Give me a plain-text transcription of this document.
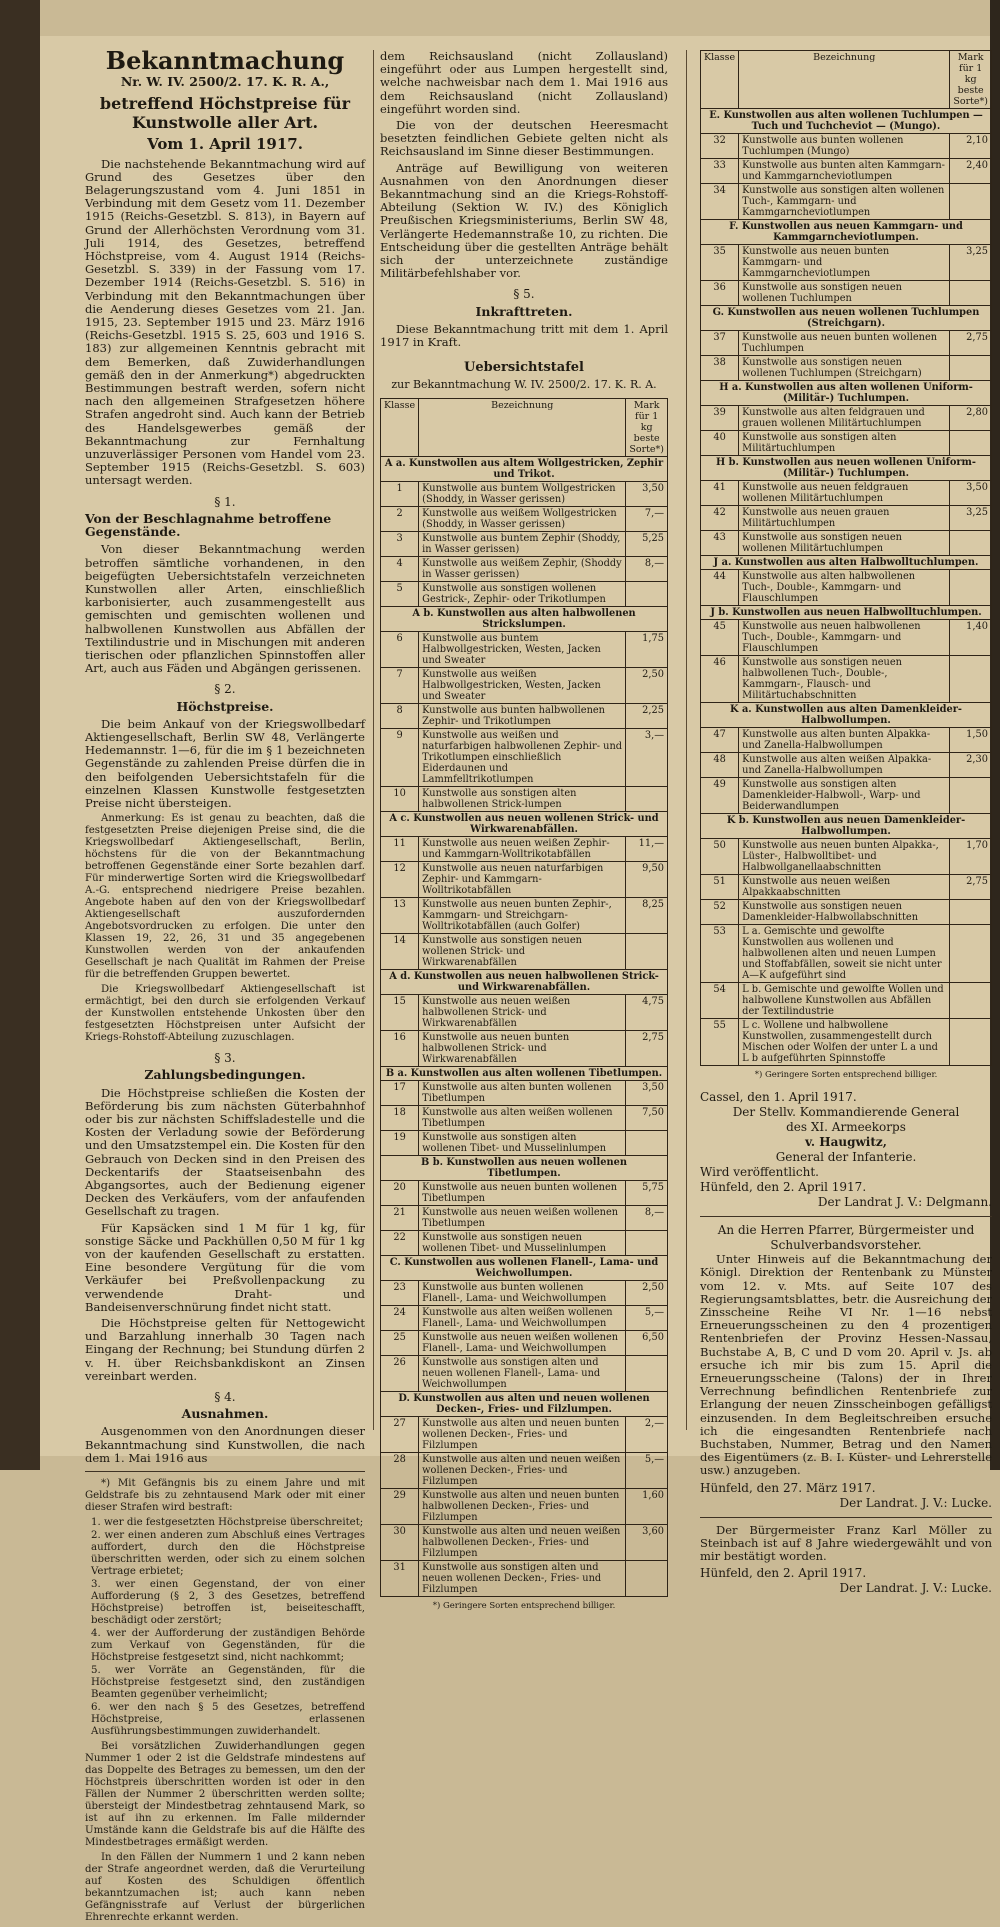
Bekanntmachung
Nr. W. IV. 2500/2. 17. K. R. A.,
betreffend Höchstpreise für Kunstwolle aller Art.
Vom 1. April 1917.

Die nachstehende Bekanntmachung wird auf Grund des Gesetzes über den Belagerungszustand vom 4. Juni 1851 in Verbindung mit dem Gesetz vom 11. Dezember 1915 (Reichs-Gesetzbl. S. 813), in Bayern auf Grund der Allerhöchsten Verordnung vom 31. Juli 1914, des Gesetzes, betreffend Höchstpreise, vom 4. August 1914 (Reichs-Gesetzbl. S. 339) in der Fassung vom 17. Dezember 1914 (Reichs-Gesetzbl. S. 516) in Verbindung mit den Bekanntmachungen über die Aenderung dieses Gesetzes vom 21. Jan. 1915, 23. September 1915 und 23. März 1916 (Reichs-Gesetzbl. 1915 S. 25, 603 und 1916 S. 183) zur allgemeinen Kenntnis gebracht mit dem Bemerken, daß Zuwiderhandlungen gemäß den in der Anmerkung*) abgedruckten Bestimmungen bestraft werden, sofern nicht nach den allgemeinen Strafgesetzen höhere Strafen angedroht sind. Auch kann der Betrieb des Handelsgewerbes gemäß der Bekanntmachung zur Fernhaltung unzuverlässiger Personen vom Handel vom 23. September 1915 (Reichs-Gesetzbl. S. 603) untersagt werden.

§ 1.
Von der Beschlagnahme betroffene Gegenstände.

Von dieser Bekanntmachung werden betroffen sämtliche vorhandenen, in den beigefügten Uebersichtstafeln verzeichneten Kunstwollen aller Arten, einschließlich karbonisierter, auch zusammengestellt aus gemischten und gemischten wollenen und halbwollenen Kunstwollen aus Abfällen der Textilindustrie und in Mischungen mit anderen tierischen oder pflanzlichen Spinnstoffen aller Art, auch aus Fäden und Abgängen gerissenen.

§ 2.
Höchstpreise.

Die beim Ankauf von der Kriegswollbedarf Aktiengesellschaft, Berlin SW 48, Verlängerte Hedemannstr. 1—6, für die im § 1 bezeichneten Gegenstände zu zahlenden Preise dürfen die in den beifolgenden Uebersichtstafeln für die einzelnen Klassen Kunstwolle festgesetzten Preise nicht übersteigen.

Anmerkung: Es ist genau zu beachten, daß die festgesetzten Preise diejenigen Preise sind, die die Kriegswollbedarf Aktiengesellschaft, Berlin, höchstens für die von der Bekanntmachung betroffenen Gegenstände einer Sorte bezahlen darf. Für minderwertige Sorten wird die Kriegswollbedarf A.-G. entsprechend niedrigere Preise bezahlen. Angebote haben auf den von der Kriegswollbedarf Aktiengesellschaft auszufordernden Angebotsvordrucken zu erfolgen. Die unter den Klassen 19, 22, 26, 31 und 35 angegebenen Kunstwollen werden von der ankaufenden Gesellschaft je nach Qualität im Rahmen der Preise für die betreffenden Gruppen bewertet.

Die Kriegswollbedarf Aktiengesellschaft ist ermächtigt, bei den durch sie erfolgenden Verkauf der Kunstwollen entstehende Unkosten über den festgesetzten Höchstpreisen unter Aufsicht der Kriegs-Rohstoff-Abteilung zuzuschlagen.

§ 3.
Zahlungsbedingungen.

Die Höchstpreise schließen die Kosten der Beförderung bis zum nächsten Güterbahnhof oder bis zur nächsten Schiffsladestelle und die Kosten der Verladung sowie der Beförderung und den Umsatzstempel ein. Die Kosten für den Gebrauch von Decken sind in den Preisen des Deckentarifs der Staatseisenbahn des Abgangsortes, auch der Bedienung eigener Decken des Verkäufers, vom der anfaufenden Gesellschaft zu tragen.

Für Kapsäcken sind 1 M für 1 kg, für sonstige Säcke und Packhüllen 0,50 M für 1 kg von der kaufenden Gesellschaft zu erstatten. Eine besondere Vergütung für die vom Verkäufer bei Preßvollenpackung zu verwendende Draht- und Bandeisenverschnürung findet nicht statt.

Die Höchstpreise gelten für Nettogewicht und Barzahlung innerhalb 30 Tagen nach Eingang der Rechnung; bei Stundung dürfen 2 v. H. über Reichsbankdiskont an Zinsen vereinbart werden.

§ 4.
Ausnahmen.

Ausgenommen von den Anordnungen dieser Bekanntmachung sind Kunstwollen, die nach dem 1. Mai 1916 aus

*) Mit Gefängnis bis zu einem Jahre und mit Geldstrafe bis zu zehntausend Mark oder mit einer dieser Strafen wird bestraft:

1. wer die festgesetzten Höchstpreise überschreitet;
2. wer einen anderen zum Abschluß eines Vertrages auffordert, durch den die Höchstpreise überschritten werden, oder sich zu einem solchen Vertrage erbietet;
3. wer einen Gegenstand, der von einer Aufforderung (§ 2, 3 des Gesetzes, betreffend Höchstpreise) betroffen ist, beiseiteschafft, beschädigt oder zerstört;
4. wer der Aufforderung der zuständigen Behörde zum Verkauf von Gegenständen, für die Höchstpreise festgesetzt sind, nicht nachkommt;
5. wer Vorräte an Gegenständen, für die Höchstpreise festgesetzt sind, den zuständigen Beamten gegenüber verheimlicht;
6. wer den nach § 5 des Gesetzes, betreffend Höchstpreise, erlassenen Ausführungsbestimmungen zuwiderhandelt.

Bei vorsätzlichen Zuwiderhandlungen gegen Nummer 1 oder 2 ist die Geldstrafe mindestens auf das Doppelte des Betrages zu bemessen, um den der Höchstpreis überschritten worden ist oder in den Fällen der Nummer 2 überschritten werden sollte; übersteigt der Mindestbetrag zehntausend Mark, so ist auf ihn zu erkennen. Im Falle mildernder Umstände kann die Geldstrafe bis auf die Hälfte des Mindestbetrages ermäßigt werden.

In den Fällen der Nummern 1 und 2 kann neben der Strafe angeordnet werden, daß die Verurteilung auf Kosten des Schuldigen öffentlich bekanntzumachen ist; auch kann neben Gefängnisstrafe auf Verlust der bürgerlichen Ehrenrechte erkannt werden.

dem Reichsausland (nicht Zollausland) eingeführt oder aus Lumpen hergestellt sind, welche nachweisbar nach dem 1. Mai 1916 aus dem Reichsausland (nicht Zollausland) eingeführt worden sind.

Die von der deutschen Heeresmacht besetzten feindlichen Gebiete gelten nicht als Reichsausland im Sinne dieser Bestimmungen.

Anträge auf Bewilligung von weiteren Ausnahmen von den Anordnungen dieser Bekanntmachung sind an die Kriegs-Rohstoff-Abteilung (Sektion W. IV.) des Königlich Preußischen Kriegsministeriums, Berlin SW 48, Verlängerte Hedemannstraße 10, zu richten. Die Entscheidung über die gestellten Anträge behält sich der unterzeichnete zuständige Militärbefehlshaber vor.

§ 5.
Inkrafttreten.

Diese Bekanntmachung tritt mit dem 1. April 1917 in Kraft.

Uebersichtstafel
zur Bekanntmachung W. IV. 2500/2. 17. K. R. A.
Klasse	Bezeichnung	Mark für 1 kg beste Sorte*)
A a. Kunstwollen aus altem Wollgestricken, Zephir und Trikot.		
1	Kunstwolle aus buntem Wollgestricken (Shoddy, in Wasser gerissen)	3,50
2	Kunstwolle aus weißem Wollgestricken (Shoddy, in Wasser gerissen)	7,—
3	Kunstwolle aus buntem Zephir (Shoddy, in Wasser gerissen)	5,25
4	Kunstwolle aus weißem Zephir, (Shoddy in Wasser gerissen)	8,—
5	Kunstwolle aus sonstigen wollenen Gestrick-, Zephir- oder Trikotlumpen	
A b. Kunstwollen aus alten halbwollenen Strickslumpen.		
6	Kunstwolle aus buntem Halbwollgestricken, Westen, Jacken und Sweater	1,75
7	Kunstwolle aus weißen Halbwollgestricken, Westen, Jacken und Sweater	2,50
8	Kunstwolle aus bunten halbwollenen Zephir- und Trikotlumpen	2,25
9	Kunstwolle aus weißen und naturfarbigen halbwollenen Zephir- und Trikotlumpen einschließlich Eiderdaunen und Lammfelltrikotlumpen	3,—
10	Kunstwolle aus sonstigen alten halbwollenen Strick-lumpen	
A c. Kunstwollen aus neuen wollenen Strick- und Wirkwarenabfällen.		
11	Kunstwolle aus neuen weißen Zephir- und Kammgarn-Wolltrikotabfällen	11,—
12	Kunstwolle aus neuen naturfarbigen Zephir- und Kammgarn-Wolltrikotabfällen	9,50
13	Kunstwolle aus neuen bunten Zephir-, Kammgarn- und Streichgarn-Wolltrikotabfällen (auch Golfer)	8,25
14	Kunstwolle aus sonstigen neuen wollenen Strick- und Wirkwarenabfällen	
A d. Kunstwollen aus neuen halbwollenen Strick- und Wirkwarenabfällen.		
15	Kunstwolle aus neuen weißen halbwollenen Strick- und Wirkwarenabfällen	4,75
16	Kunstwolle aus neuen bunten halbwollenen Strick- und Wirkwarenabfällen	2,75
B a. Kunstwollen aus alten wollenen Tibetlumpen.		
17	Kunstwolle aus alten bunten wollenen Tibetlumpen	3,50
18	Kunstwolle aus alten weißen wollenen Tibetlumpen	7,50
19	Kunstwolle aus sonstigen alten wollenen Tibet- und Musselinlumpen	
B b. Kunstwollen aus neuen wollenen Tibetlumpen.		
20	Kunstwolle aus neuen bunten wollenen Tibetlumpen	5,75
21	Kunstwolle aus neuen weißen wollenen Tibetlumpen	8,—
22	Kunstwolle aus sonstigen neuen wollenen Tibet- und Musselinlumpen	
C. Kunstwollen aus wollenen Flanell-, Lama- und Weichwollumpen.		
23	Kunstwolle aus bunten wollenen Flanell-, Lama- und Weichwollumpen	2,50
24	Kunstwolle aus alten weißen wollenen Flanell-, Lama- und Weichwollumpen	5,—
25	Kunstwolle aus neuen weißen wollenen Flanell-, Lama- und Weichwollumpen	6,50
26	Kunstwolle aus sonstigen alten und neuen wollenen Flanell-, Lama- und Weichwollumpen	
D. Kunstwollen aus alten und neuen wollenen Decken-, Fries- und Filzlumpen.		
27	Kunstwolle aus alten und neuen bunten wollenen Decken-, Fries- und Filzlumpen	2,—
28	Kunstwolle aus alten und neuen weißen wollenen Decken-, Fries- und Filzlumpen	5,—
29	Kunstwolle aus alten und neuen bunten halbwollenen Decken-, Fries- und Filzlumpen	1,60
30	Kunstwolle aus alten und neuen weißen halbwollenen Decken-, Fries- und Filzlumpen	3,60
31	Kunstwolle aus sonstigen alten und neuen wollenen Decken-, Fries- und Filzlumpen	
*) Geringere Sorten entsprechend billiger.
Klasse	Bezeichnung	Mark für 1 kg beste Sorte*)
E. Kunstwollen aus alten wollenen Tuchlumpen — Tuch und Tuchcheviot — (Mungo).		
32	Kunstwolle aus bunten wollenen Tuchlumpen (Mungo)	2,10
33	Kunstwolle aus bunten alten Kammgarn- und Kammgarncheviotlumpen	2,40
34	Kunstwolle aus sonstigen alten wollenen Tuch-, Kammgarn- und Kammgarncheviotlumpen	
F. Kunstwollen aus neuen Kammgarn- und Kammgarncheviotlumpen.		
35	Kunstwolle aus neuen bunten Kammgarn- und Kammgarncheviotlumpen	3,25
36	Kunstwolle aus sonstigen neuen wollenen Tuchlumpen	
G. Kunstwollen aus neuen wollenen Tuchlumpen (Streichgarn).		
37	Kunstwolle aus neuen bunten wollenen Tuchlumpen	2,75
38	Kunstwolle aus sonstigen neuen wollenen Tuchlumpen (Streichgarn)	
H a. Kunstwollen aus alten wollenen Uniform- (Militär-) Tuchlumpen.		
39	Kunstwolle aus alten feldgrauen und grauen wollenen Militärtuchlumpen	2,80
40	Kunstwolle aus sonstigen alten Militärtuchlumpen	
H b. Kunstwollen aus neuen wollenen Uniform- (Militär-) Tuchlumpen.		
41	Kunstwolle aus neuen feldgrauen wollenen Militärtuchlumpen	3,50
42	Kunstwolle aus neuen grauen Militärtuchlumpen	3,25
43	Kunstwolle aus sonstigen neuen wollenen Militärtuchlumpen	
J a. Kunstwollen aus alten Halbwolltuchlumpen.		
44	Kunstwolle aus alten halbwollenen Tuch-, Double-, Kammgarn- und Flauschlumpen	
J b. Kunstwollen aus neuen Halbwolltuchlumpen.		
45	Kunstwolle aus neuen halbwollenen Tuch-, Double-, Kammgarn- und Flauschlumpen	1,40
46	Kunstwolle aus sonstigen neuen halbwollenen Tuch-, Double-, Kammgarn-, Flausch- und Militärtuchabschnitten	
K a. Kunstwollen aus alten Damenkleider-Halbwollumpen.		
47	Kunstwolle aus alten bunten Alpakka- und Zanella-Halbwollumpen	1,50
48	Kunstwolle aus alten weißen Alpakka- und Zanella-Halbwollumpen	2,30
49	Kunstwolle aus sonstigen alten Damenkleider-Halbwoll-, Warp- und Beiderwandlumpen	
K b. Kunstwollen aus neuen Damenkleider-Halbwollumpen.		
50	Kunstwolle aus neuen bunten Alpakka-, Lüster-, Halbwolltibet- und Halbwollganellaabschnitten	1,70
51	Kunstwolle aus neuen weißen Alpakkaabschnitten	2,75
52	Kunstwolle aus sonstigen neuen Damenkleider-Halbwollabschnitten	
53	L a. Gemischte und gewolfte Kunstwollen aus wollenen und halbwollenen alten und neuen Lumpen und Stoffabfällen, soweit sie nicht unter A—K aufgeführt sind	
54	L b. Gemischte und gewolfte Wollen und halbwollene Kunstwollen aus Abfällen der Textilindustrie	
55	L c. Wollene und halbwollene Kunstwollen, zusammengestellt durch Mischen oder Wolfen der unter L a und L b aufgeführten Spinnstoffe	
*) Geringere Sorten entsprechend billiger.
Cassel, den 1. April 1917.
Der Stellv. Kommandierende General
des XI. Armeekorps
v. Haugwitz,
General der Infanterie.
Wird veröffentlicht.
Hünfeld, den 2. April 1917.
Der Landrat J. V.: Delgmann.
An die Herren Pfarrer, Bürgermeister und Schulverbandsvorsteher.

Unter Hinweis auf die Bekanntmachung der Königl. Direktion der Rentenbank zu Münster vom 12. v. Mts. auf Seite 107 des Regierungsamtsblattes, betr. die Ausreichung der Zinsscheine Reihe VI Nr. 1—16 nebst Erneuerungsscheinen zu den 4 prozentigen Rentenbriefen der Provinz Hessen-Nassau, Buchstabe A, B, C und D vom 20. April v. Js. ab ersuche ich mir bis zum 15. April die Erneuerungsscheine (Talons) der in Ihrer Verrechnung befindlichen Rentenbriefe zur Erlangung der neuen Zinsscheinbogen gefälligst einzusenden. In dem Begleitschreiben ersuche ich die eingesandten Rentenbriefe nach Buchstaben, Nummer, Betrag und den Namen des Eigentümers (z. B. I. Küster- und Lehrerstelle usw.) anzugeben.

Hünfeld, den 27. März 1917.
Der Landrat. J. V.: Lucke.

Der Bürgermeister Franz Karl Möller zu Steinbach ist auf 8 Jahre wiedergewählt und von mir bestätigt worden.

Hünfeld, den 2. April 1917.
Der Landrat. J. V.: Lucke.
